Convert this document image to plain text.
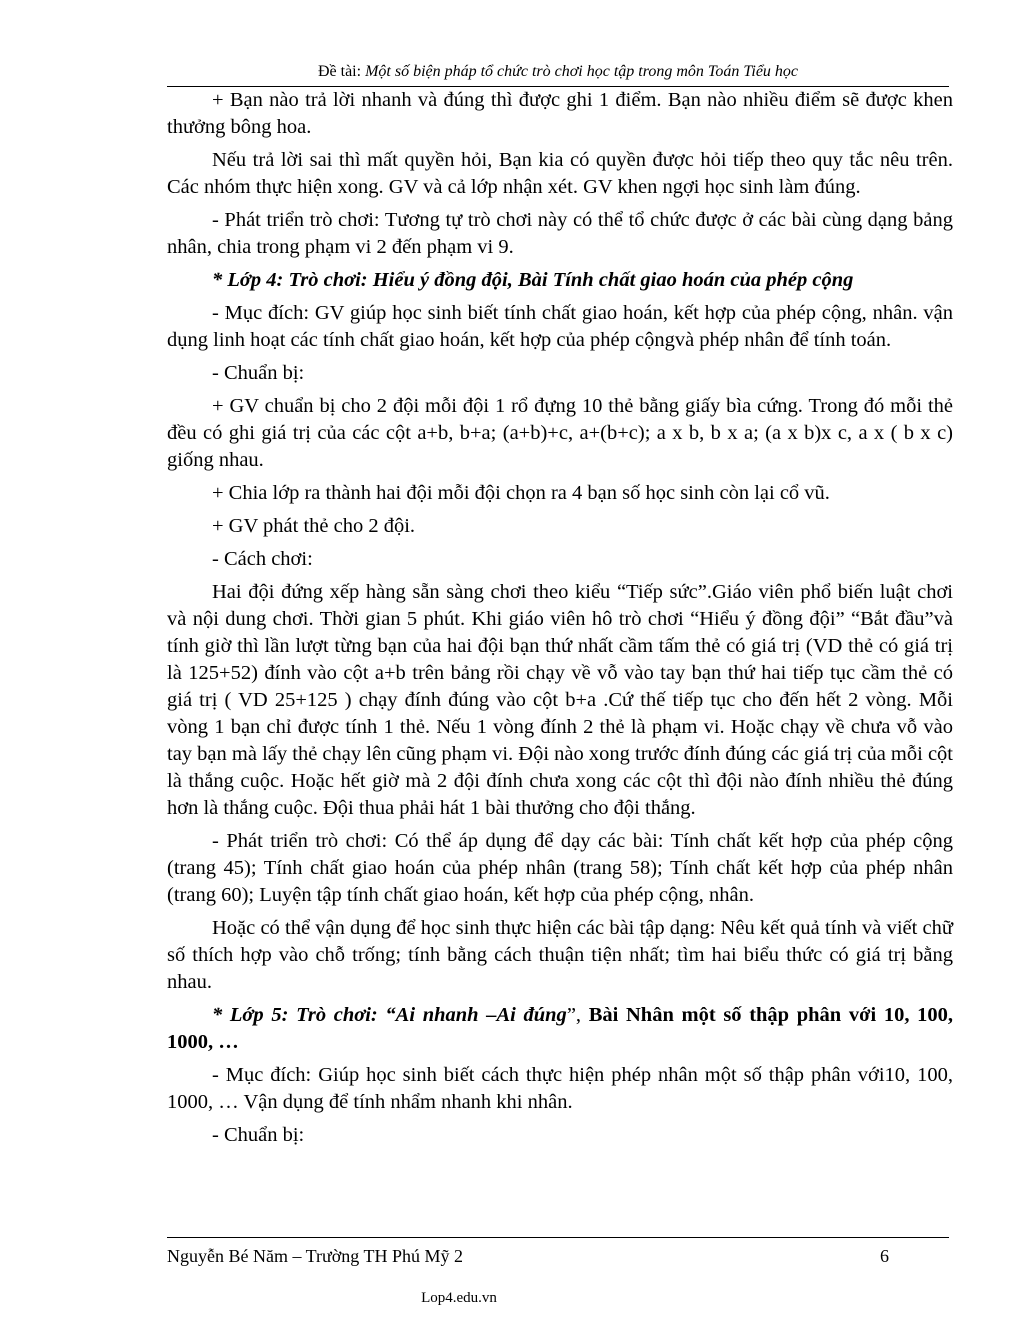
Đề tài: Một số biện pháp tổ chức trò chơi học tập trong môn Toán Tiểu học

+ Bạn nào trả lời nhanh và đúng thì được ghi 1 điểm. Bạn nào nhiều điểm sẽ được khen thưởng bông hoa.

Nếu trả lời sai thì mất quyền hỏi, Bạn kia có quyền được hỏi tiếp theo quy tắc nêu trên. Các nhóm thực hiện xong. GV và cả lớp nhận xét. GV khen ngợi học sinh làm đúng.

- Phát triển trò chơi: Tương tự trò chơi này có thể tổ chức được ở các bài cùng dạng bảng nhân, chia trong phạm vi 2 đến phạm vi 9.

* Lớp 4: Trò chơi: Hiểu ý đồng đội, Bài Tính chất giao hoán của phép cộng

- Mục đích: GV giúp học sinh biết tính chất giao hoán, kết hợp của phép cộng, nhân. vận dụng linh hoạt các tính chất giao hoán, kết hợp của phép cộngvà phép nhân để tính toán.

- Chuẩn bị:

+ GV chuẩn bị cho 2 đội mỗi đội 1 rổ đựng 10 thẻ bằng giấy bìa cứng. Trong đó mỗi thẻ đều có ghi giá trị của các cột a+b, b+a; (a+b)+c, a+(b+c); a x b, b x a; (a x b)x c, a x ( b x c) giống nhau.

+ Chia lớp ra thành hai đội mỗi đội chọn ra 4 bạn số học sinh còn lại cổ vũ.

+ GV phát thẻ cho 2 đội.

- Cách chơi:

Hai đội đứng xếp hàng sẵn sàng chơi theo kiểu “Tiếp sức”.Giáo viên phổ biến luật chơi và nội dung chơi. Thời gian 5 phút. Khi giáo viên hô trò chơi “Hiểu ý đồng đội” “Bắt đầu”và tính giờ thì lần lượt từng bạn của hai đội bạn thứ nhất cầm tấm thẻ có giá trị (VD thẻ có giá trị là 125+52) đính vào cột a+b trên bảng rồi chạy về vỗ vào tay bạn thứ hai tiếp tục cầm thẻ có giá trị ( VD 25+125 ) chạy đính đúng vào cột b+a .Cứ thế tiếp tục cho đến hết 2 vòng. Mỗi vòng 1 bạn chỉ được tính 1 thẻ. Nếu 1 vòng đính 2 thẻ là phạm vi. Hoặc chạy về chưa vỗ vào tay bạn mà lấy thẻ chạy lên cũng phạm vi. Đội nào xong trước đính đúng các giá trị của mỗi cột là thắng cuộc. Hoặc hết giờ mà 2 đội đính chưa xong các cột thì đội nào đính nhiều thẻ đúng hơn là thắng cuộc. Đội thua phải hát 1 bài thưởng cho đội thắng.

- Phát triển trò chơi: Có thể áp dụng để dạy các bài: Tính chất kết hợp của phép cộng (trang 45); Tính chất giao hoán của phép nhân (trang 58); Tính chất kết hợp của phép nhân (trang 60); Luyện tập tính chất giao hoán, kết hợp của phép cộng, nhân.

Hoặc có thể vận dụng để học sinh thực hiện các bài tập dạng: Nêu kết quả tính và viết chữ số thích hợp vào chỗ trống; tính bằng cách thuận tiện nhất; tìm hai biểu thức có giá trị bằng nhau.

* Lớp 5: Trò chơi: “Ai nhanh –Ai đúng”, Bài Nhân một số thập phân với 10, 100, 1000, …

- Mục đích: Giúp học sinh biết cách thực hiện phép nhân một số thập phân với10, 100, 1000, … Vận dụng để tính nhẩm nhanh khi nhân.

- Chuẩn bị:

Nguyễn Bé Năm – Trường TH Phú Mỹ 2	6
Lop4.edu.vn
